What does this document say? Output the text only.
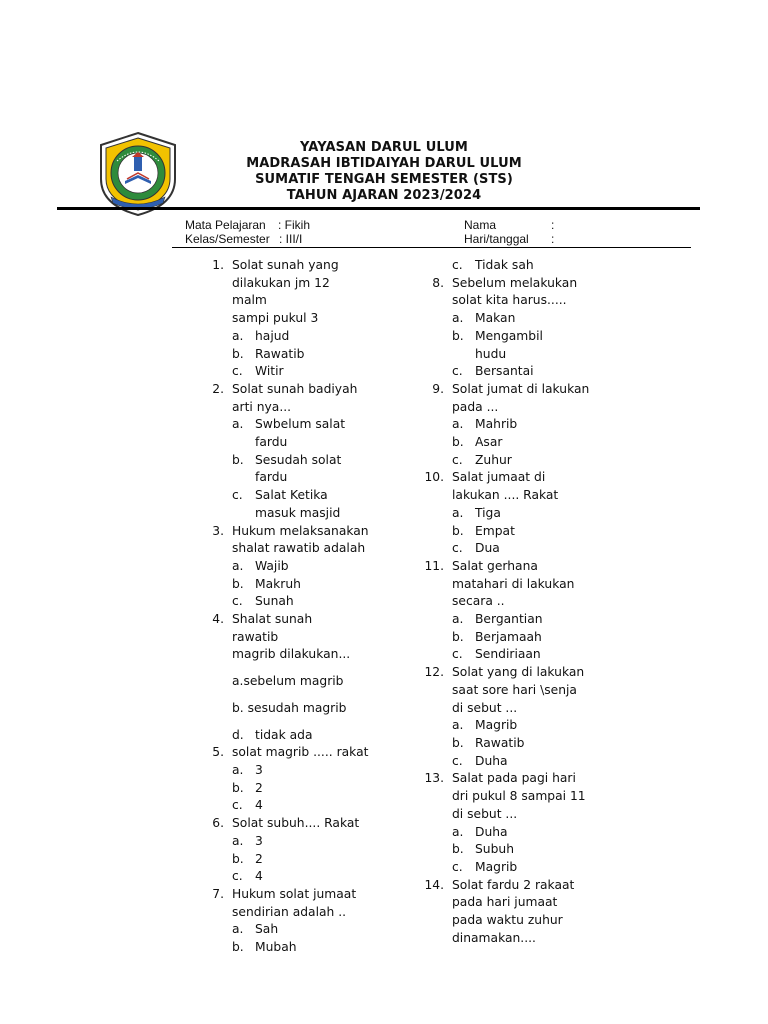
YAYASAN DARUL ULUM
MADRASAH IBTIDAIYAH DARUL ULUM
SUMATIF TENGAH SEMESTER (STS)
TAHUN AJARAN 2023/2024
Mata Pelajaran : Fikih
Kelas/Semester : III/I
Nama	:
Hari/tanggal :
1. Solat sunah yang
dilakukan jm 12 malm
sampi pukul 3
a. hajud
b. Rawatib
c.	Witir
2. Solat sunah badiyah
arti nya...
a. Swbelum salat
fardu
b. Sesudah solat
fardu
c.	Salat Ketika
masuk masjid
3. Hukum melaksanakan
shalat rawatib adalah
a. Wajib
b. Makruh
c.	Sunah
4. Shalat sunah rawatib
magrib dilakukan...
a.sebelum magrib
b. sesudah magrib
d. tidak ada
5. solat magrib ..... rakat
a. 3
b. 2
c.	4
6. Solat subuh.... Rakat
a. 3
b. 2
c.	4
7. Hukum solat jumaat
sendirian adalah ..
a. Sah
b. Mubah
c.	Tidak sah
8. Sebelum melakukan
solat kita harus.....
a. Makan
b. Mengambil hudu
c.	Bersantai
9. Solat jumat di lakukan
pada ...
a. Mahrib
b. Asar
c.	Zuhur
10. Salat jumaat di
lakukan .... Rakat
a. Tiga
b. Empat
c.	Dua
11. Salat gerhana
matahari di lakukan
secara ..
a. Bergantian
b. Berjamaah
c.	Sendiriaan
12. Solat yang di lakukan
saat sore hari \senja
di sebut ...
a. Magrib
b. Rawatib
c.	Duha
13. Salat pada pagi hari
dri pukul 8 sampai 11
di sebut ...
a. Duha
b. Subuh
c.	Magrib
14. Solat fardu 2 rakaat
pada hari jumaat
pada waktu zuhur
dinamakan....
